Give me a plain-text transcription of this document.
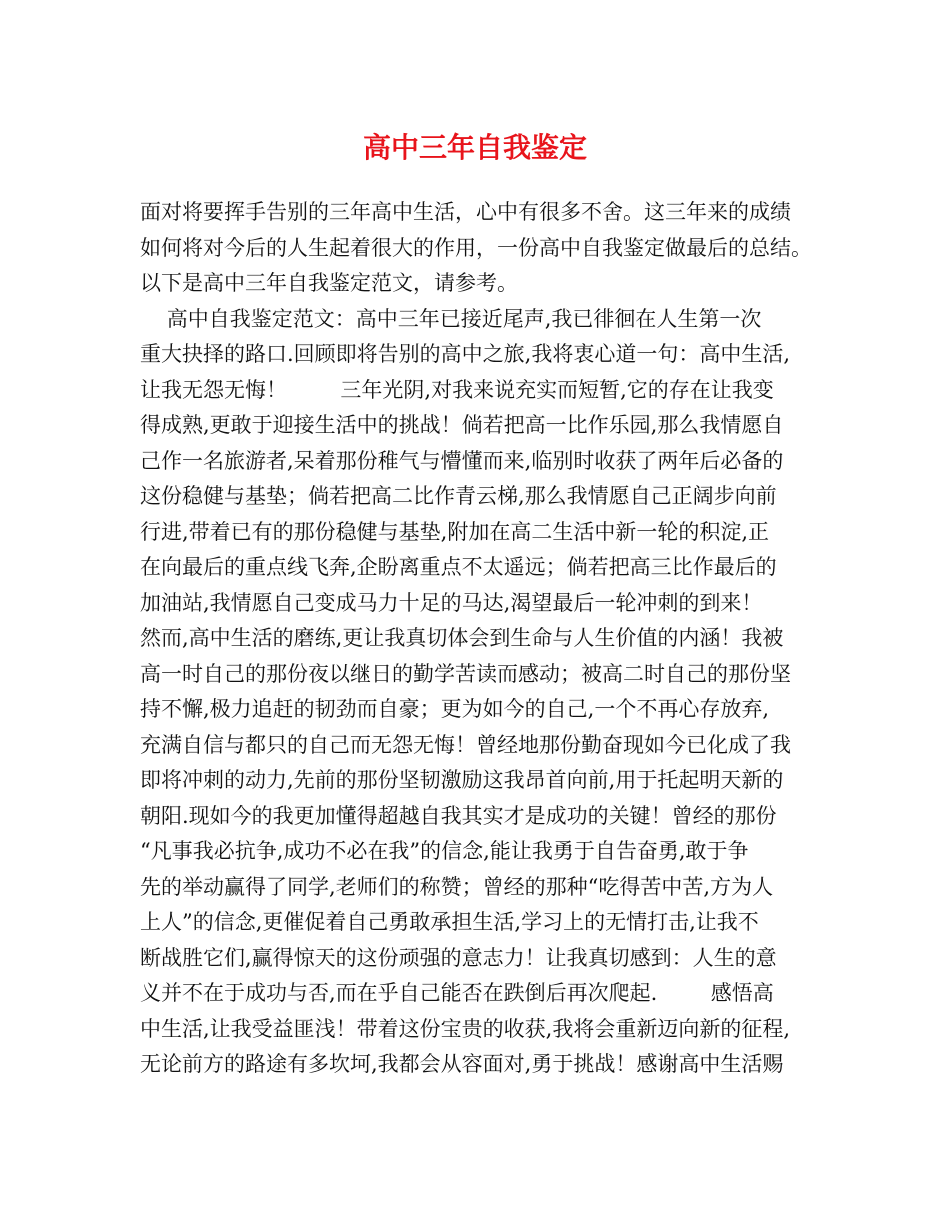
高中三年自我鉴定
面对将要挥手告别的三年高中生活，心中有很多不舍。这三年来的成绩
如何将对今后的人生起着很大的作用，一份高中自我鉴定做最后的总结。
以下是高中三年自我鉴定范文，请参考。
高中自我鉴定范文：高中三年已接近尾声,我已徘徊在人生第一次
重大抉择的路口.回顾即将告别的高中之旅,我将衷心道一句：高中生活,
让我无怨无悔！        三年光阴,对我来说充实而短暂,它的存在让我变
得成熟,更敢于迎接生活中的挑战！倘若把高一比作乐园,那么我情愿自
己作一名旅游者,呆着那份稚气与懵懂而来,临别时收获了两年后必备的
这份稳健与基垫；倘若把高二比作青云梯,那么我情愿自己正阔步向前
行进,带着已有的那份稳健与基垫,附加在高二生活中新一轮的积淀,正
在向最后的重点线飞奔,企盼离重点不太遥远；倘若把高三比作最后的
加油站,我情愿自己变成马力十足的马达,渴望最后一轮冲刺的到来！
然而,高中生活的磨练,更让我真切体会到生命与人生价值的内涵！我被
高一时自己的那份夜以继日的勤学苦读而感动；被高二时自己的那份坚
持不懈,极力追赶的韧劲而自豪；更为如今的自己,一个不再心存放弃,
充满自信与都只的自己而无怨无悔！曾经地那份勤奋现如今已化成了我
即将冲刺的动力,先前的那份坚韧激励这我昂首向前,用于托起明天新的
朝阳.现如今的我更加懂得超越自我其实才是成功的关键！曾经的那份
“凡事我必抗争,成功不必在我”的信念,能让我勇于自告奋勇,敢于争
先的举动赢得了同学,老师们的称赞；曾经的那种“吃得苦中苦,方为人
上人”的信念,更催促着自己勇敢承担生活,学习上的无情打击,让我不
断战胜它们,赢得惊天的这份顽强的意志力！让我真切感到：人生的意
义并不在于成功与否,而在乎自己能否在跌倒后再次爬起.        感悟高
中生活,让我受益匪浅！带着这份宝贵的收获,我将会重新迈向新的征程,
无论前方的路途有多坎坷,我都会从容面对,勇于挑战！感谢高中生活赐
